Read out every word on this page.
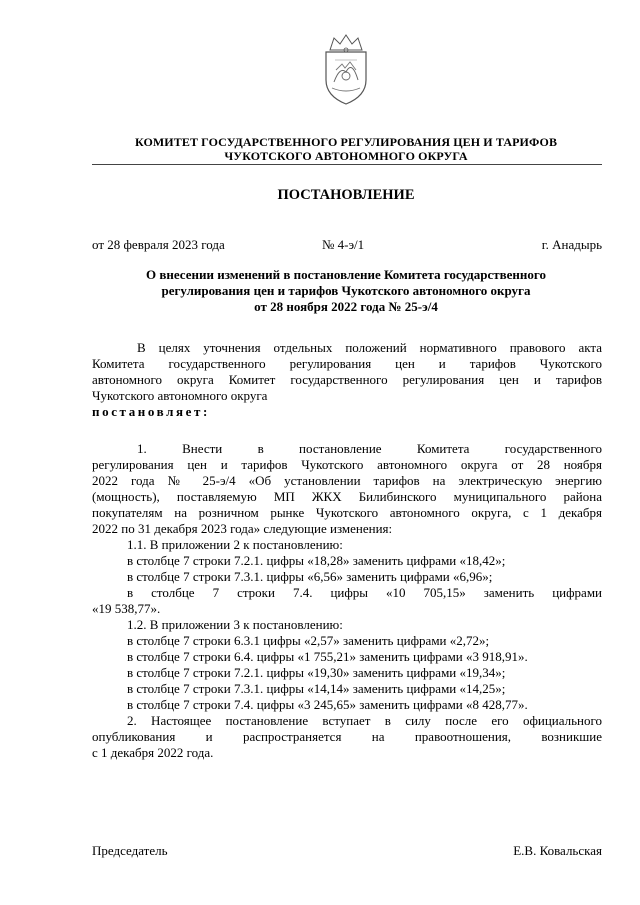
КОМИТЕТ ГОСУДАРСТВЕННОГО РЕГУЛИРОВАНИЯ ЦЕН И ТАРИФОВ
ЧУКОТСКОГО АВТОНОМНОГО ОКРУГА
ПОСТАНОВЛЕНИЕ
от 28 февраля 2023 года	№ 4-э/1	г. Анадырь
О внесении изменений в постановление Комитета государственного
регулирования цен и тарифов Чукотского автономного округа
от 28 ноября 2022 года № 25-э/4
В целях уточнения отдельных положений нормативного правового акта
Комитета государственного регулирования цен и тарифов Чукотского
автономного округа Комитет государственного регулирования цен и тарифов
Чукотского автономного округа
постановляет:
1. Внести в постановление Комитета государственного
регулирования цен и тарифов Чукотского автономного округа от 28 ноября
2022 года № 25-э/4 «Об установлении тарифов на электрическую энергию
(мощность), поставляемую МП ЖКХ Билибинского муниципального района
покупателям на розничном рынке Чукотского автономного округа, с 1 декабря
2022 по 31 декабря 2023 года» следующие изменения:
1.1. В приложении 2 к постановлению:
в столбце 7 строки 7.2.1. цифры «18,28» заменить цифрами «18,42»;
в столбце 7 строки 7.3.1. цифры «6,56» заменить цифрами «6,96»;
в столбце 7 строки 7.4. цифры «10 705,15» заменить цифрами
«19 538,77».
1.2. В приложении 3 к постановлению:
в столбце 7 строки 6.3.1 цифры «2,57» заменить цифрами «2,72»;
в столбце 7 строки 6.4. цифры «1 755,21» заменить цифрами «3 918,91».
в столбце 7 строки 7.2.1. цифры «19,30» заменить цифрами «19,34»;
в столбце 7 строки 7.3.1. цифры «14,14» заменить цифрами «14,25»;
в столбце 7 строки 7.4. цифры «3 245,65» заменить цифрами «8 428,77».
2. Настоящее постановление вступает в силу после его официального
опубликования и распространяется на правоотношения, возникшие
с 1 декабря 2022 года.
Председатель	Е.В. Ковальская
